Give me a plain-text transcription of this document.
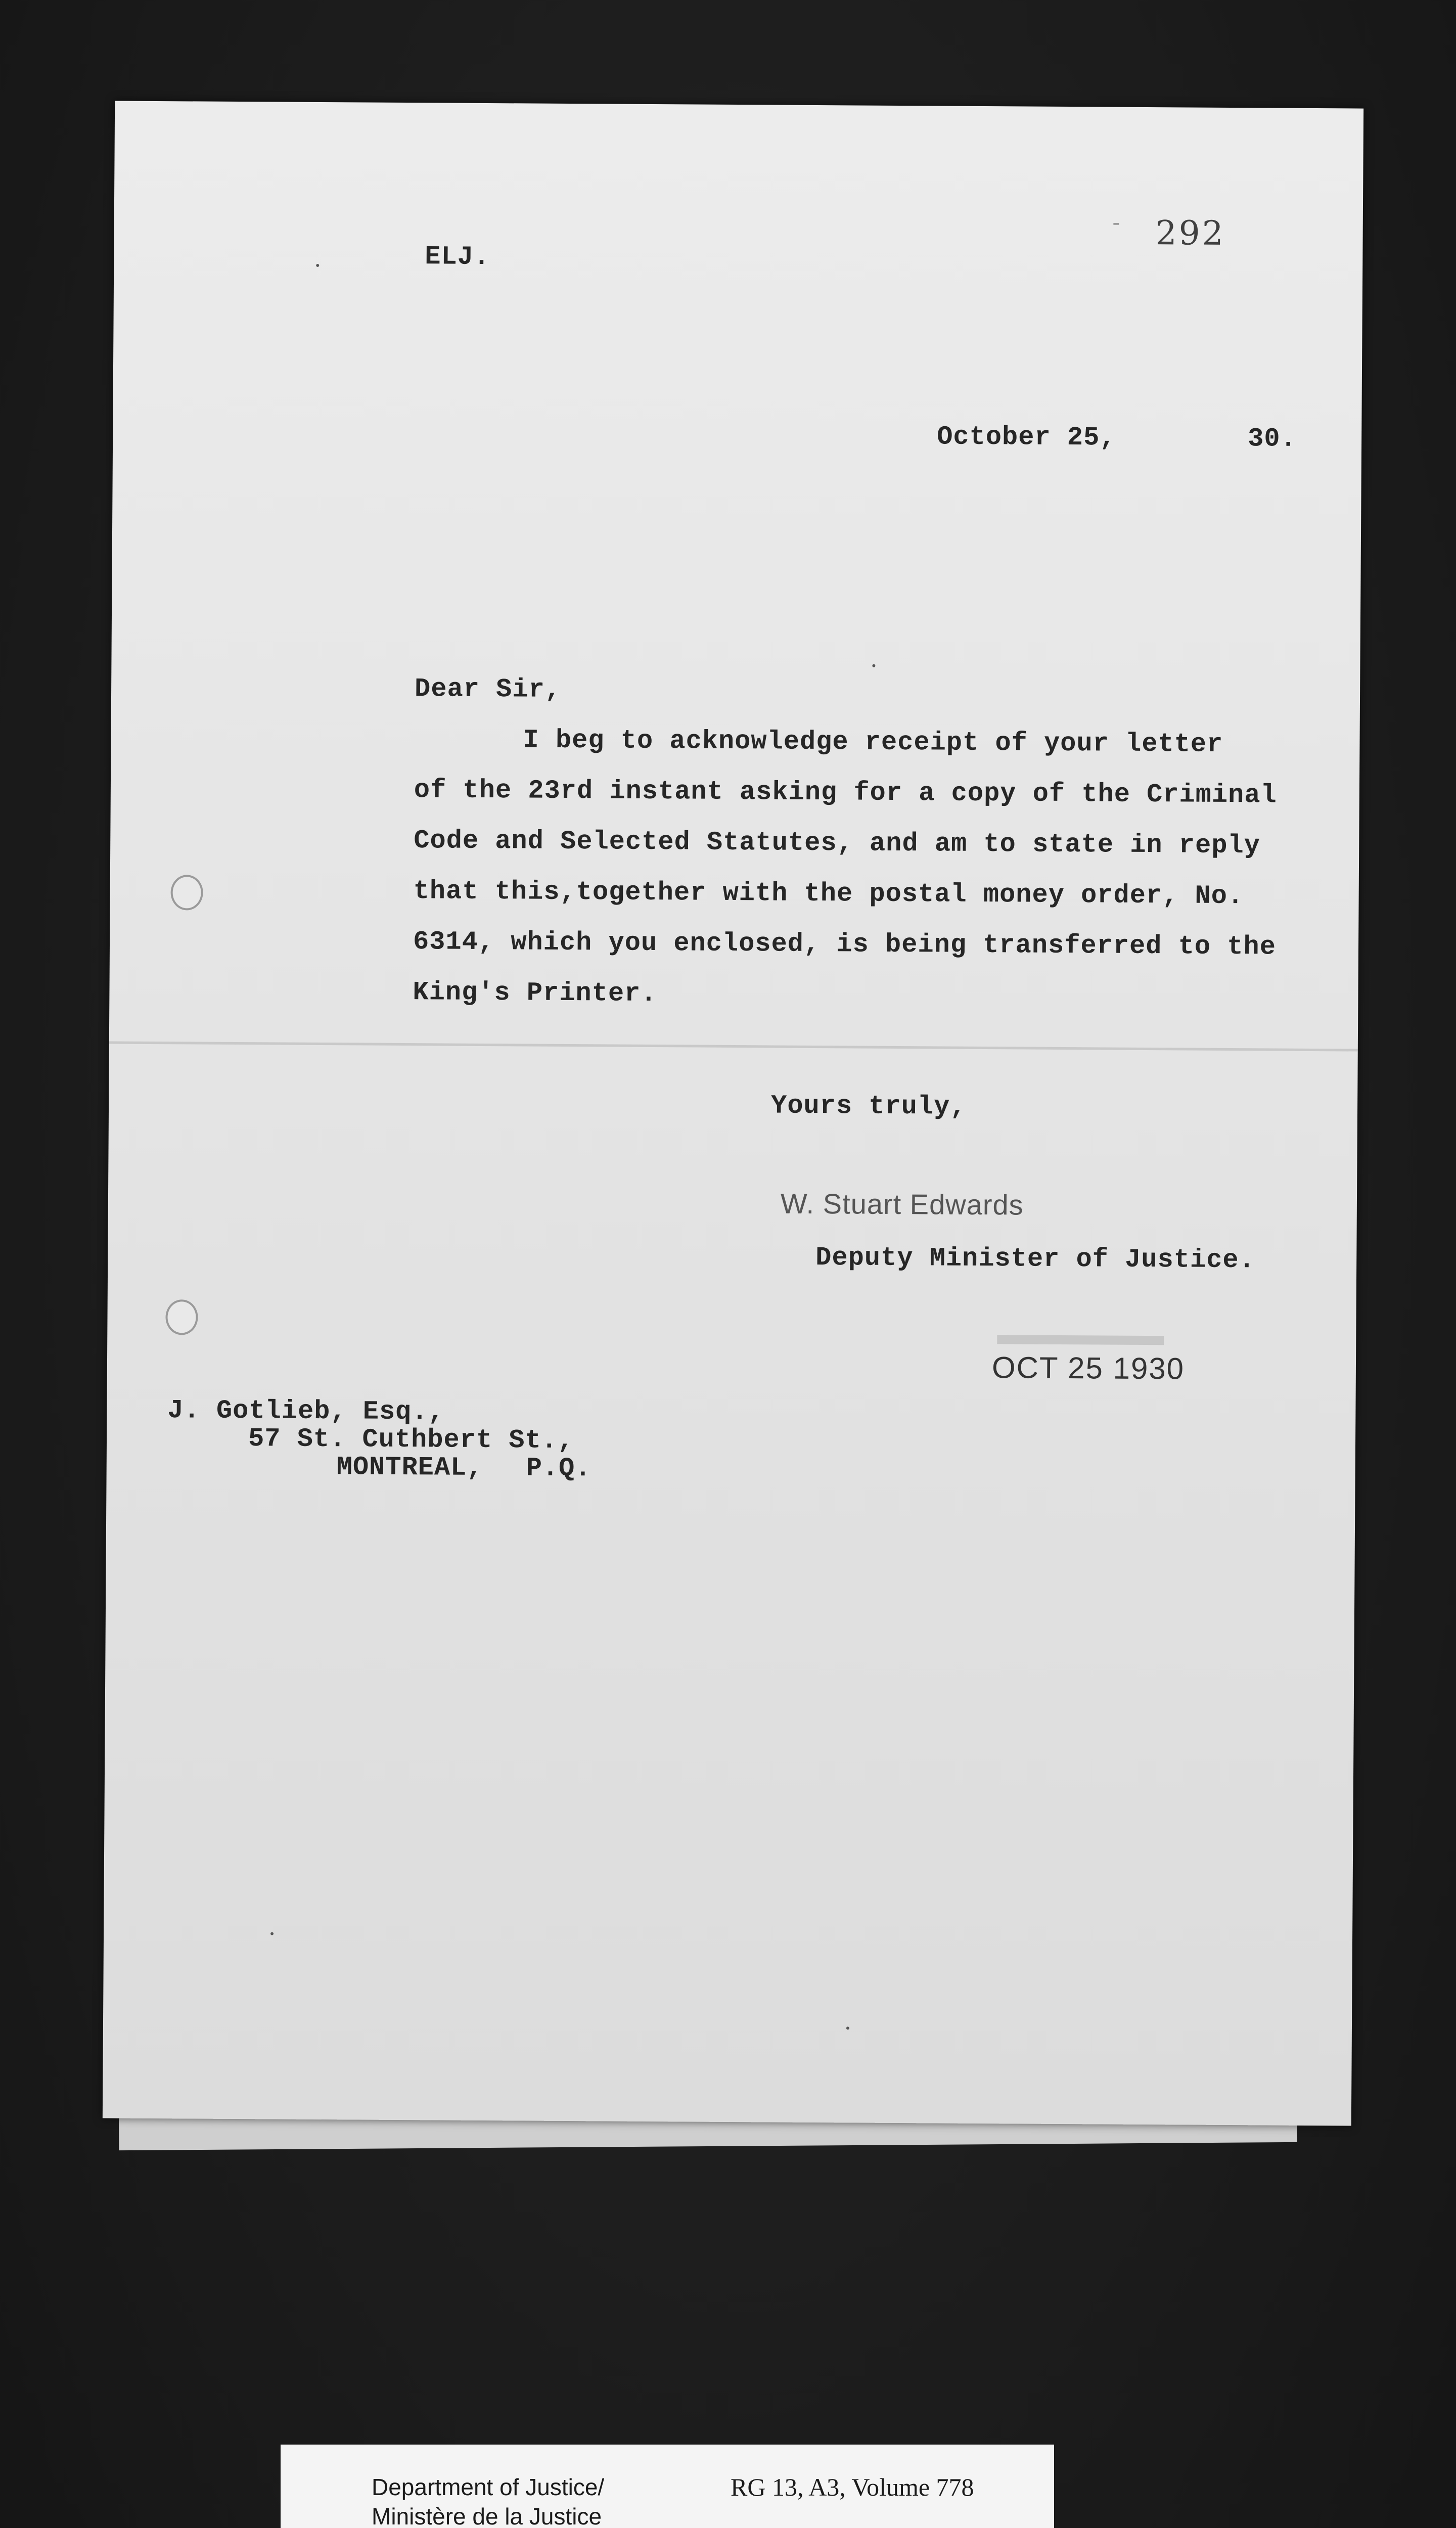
- 292
ELJ.
October 25,	30.
Dear Sir,
I beg to acknowledge receipt of your letter
of the 23rd instant asking for a copy of the Criminal
Code and Selected Statutes, and am to state in reply
that this,together with the postal money order, No.
6314, which you enclosed, is being transferred to the
King's Printer.
Yours truly,
W. Stuart Edwards
Deputy Minister of Justice.
OCT 25 1930
J. Gotlieb, Esq.,
57 St. Cuthbert St.,
MONTREAL, P.Q.
Department of Justice/
Ministère de la Justice
RG 13, A3, Volume 778
